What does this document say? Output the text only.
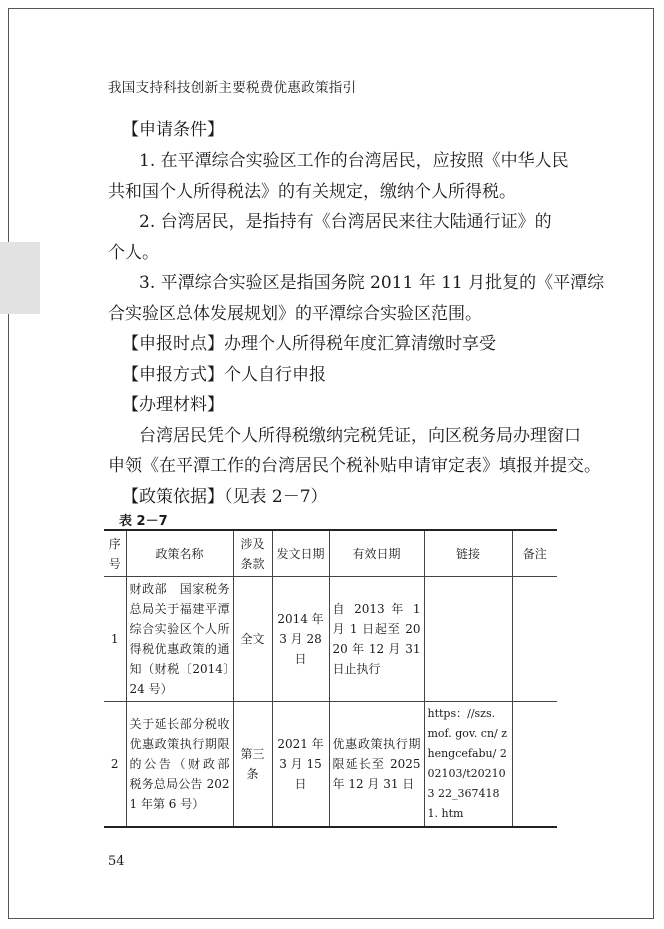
我国支持科技创新主要税费优惠政策指引
【申请条件】
1. 在平潭综合实验区工作的台湾居民，应按照《中华人民
共和国个人所得税法》的有关规定，缴纳个人所得税。
2. 台湾居民，是指持有《台湾居民来往大陆通行证》的
个人。
3. 平潭综合实验区是指国务院 2011 年 11 月批复的《平潭综
合实验区总体发展规划》的平潭综合实验区范围。
【申报时点】办理个人所得税年度汇算清缴时享受
【申报方式】个人自行申报
【办理材料】
台湾居民凭个人所得税缴纳完税凭证，向区税务局办理窗口
申领《在平潭工作的台湾居民个税补贴申请审定表》填报并提交。
【政策依据】（见表 2－7）
表 2－7
序号	政策名称	涉及条款	发文日期	有效日期	链接	备注
1	财政部　国家税务总局关于福建平潭综合实验区个人所得税优惠政策的通知（财税〔2014〕24 号）	全文	2014 年 3 月 28 日	自 2013 年 1 月 1 日起至 2020 年 12 月 31 日止执行		
2	关于延长部分税收优惠政策执行期限的公告（财政部　税务总局公告 2021 年第 6 号）	第三条	2021 年 3 月 15 日	优惠政策执行期限延长至 2025 年 12 月 31 日	https：//szs. mof. gov. cn/ zhengcefabu/ 202103/t202103 22_3674181. htm	
54
